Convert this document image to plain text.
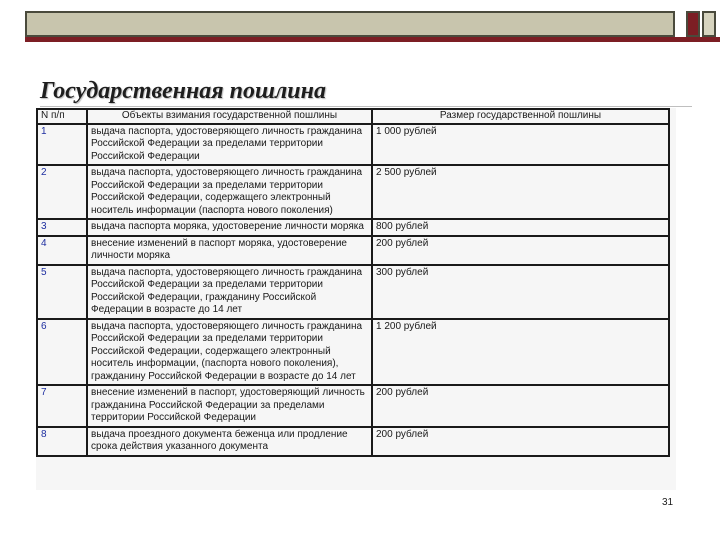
Государственная пошлина
N п/п	Объекты взимания государственной пошлины	Размер государственной пошлины
1	выдача паспорта, удостоверяющего личность гражданина Российской Федерации за пределами территории Российской Федерации	1 000 рублей
2	выдача паспорта, удостоверяющего личность гражданина Российской Федерации за пределами территории Российской Федерации, содержащего электронный носитель информации (паспорта нового поколения)	2 500 рублей
3	выдача паспорта моряка, удостоверение личности моряка	800 рублей
4	внесение изменений в паспорт моряка, удостоверение личности моряка	200 рублей
5	выдача паспорта, удостоверяющего личность гражданина Российской Федерации за пределами территории Российской Федерации, гражданину Российской Федерации в возрасте до 14 лет	300 рублей
6	выдача паспорта, удостоверяющего личность гражданина Российской Федерации за пределами территории Российской Федерации, содержащего электронный носитель информации, (паспорта нового поколения), гражданину Российской Федерации в возрасте до 14 лет	1 200 рублей
7	внесение изменений в паспорт, удостоверяющий личность гражданина Российской Федерации за пределами территории Российской Федерации	200 рублей
8	выдача проездного документа беженца или продление срока действия указанного документа	200 рублей
31
